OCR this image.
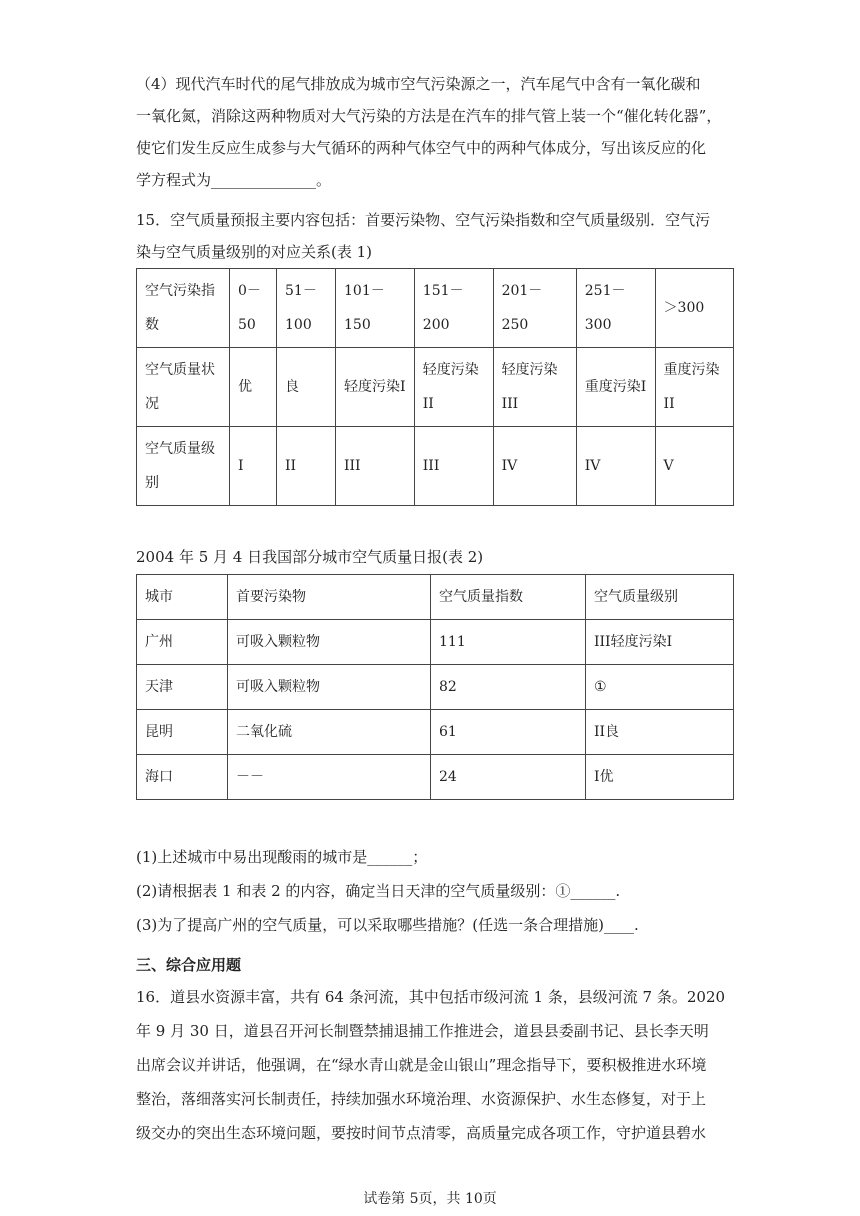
（4）现代汽车时代的尾气排放成为城市空气污染源之一，汽车尾气中含有一氧化碳和
一氧化氮，消除这两种物质对大气污染的方法是在汽车的排气管上装一个“催化转化器”，
使它们发生反应生成参与大气循环的两种气体空气中的两种气体成分，写出该反应的化
学方程式为______________。
15．空气质量预报主要内容包括：首要污染物、空气污染指数和空气质量级别．空气污
染与空气质量级别的对应关系(表 1)
空气污染指数	0－50	51－100	101－150	151－200	201－250	251－300	＞300
空气质量状况	优	良	轻度污染I	轻度污染II	轻度污染III	重度污染I	重度污染II
空气质量级别	I	II	III	III	IV	IV	V

2004 年 5 月 4 日我国部分城市空气质量日报(表 2)

城市	首要污染物	空气质量指数	空气质量级别
广州	可吸入颗粒物	111	III轻度污染I
天津	可吸入颗粒物	82	①
昆明	二氧化硫	61	II良
海口	－－	24	I优
(1)上述城市中易出现酸雨的城市是______；
(2)请根据表 1 和表 2 的内容，确定当日天津的空气质量级别：①______.
(3)为了提高广州的空气质量，可以采取哪些措施？(任选一条合理措施)____.

三、综合应用题

16．道县水资源丰富，共有 64 条河流，其中包括市级河流 1 条，县级河流 7 条。2020
年 9 月 30 日，道县召开河长制暨禁捕退捕工作推进会，道县县委副书记、县长李天明
出席会议并讲话，他强调，在“绿水青山就是金山银山”理念指导下，要积极推进水环境
整治，落细落实河长制责任，持续加强水环境治理、水资源保护、水生态修复，对于上
级交办的突出生态环境问题，要按时间节点清零，高质量完成各项工作，守护道县碧水
试卷第 5页，共 10页
